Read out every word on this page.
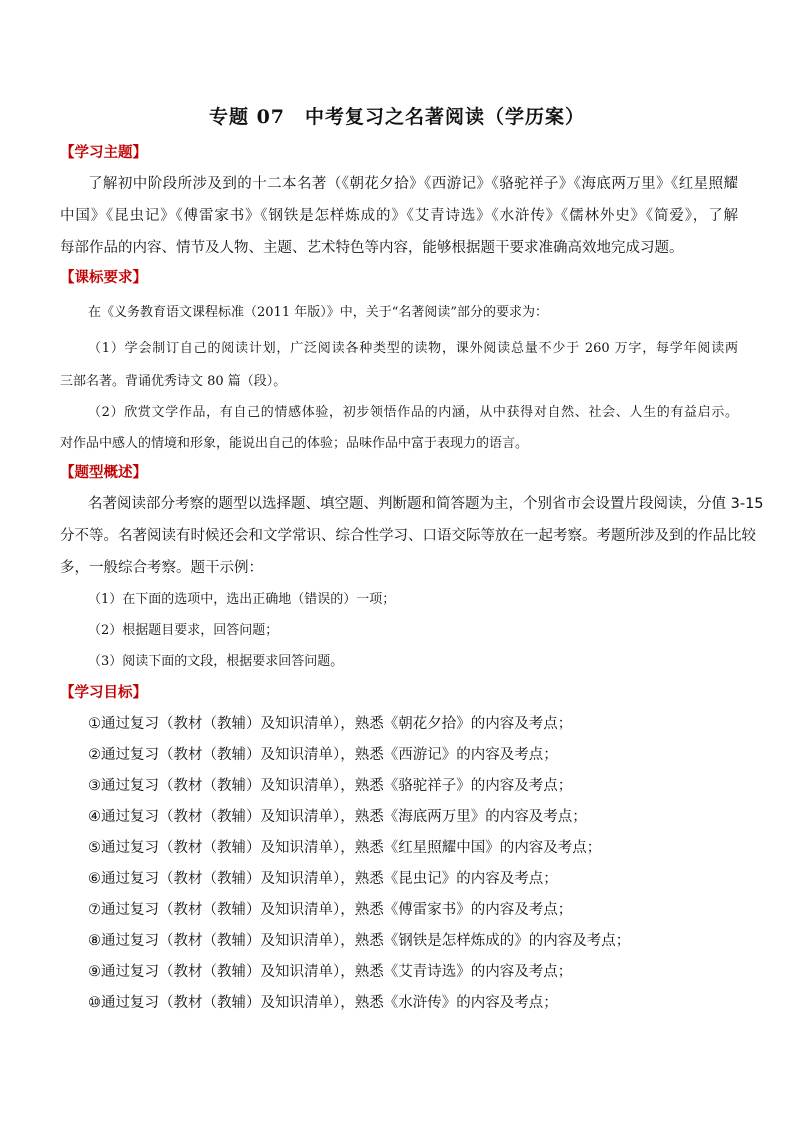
专题 07　中考复习之名著阅读（学历案）
【学习主题】
了解初中阶段所涉及到的十二本名著（《朝花夕拾》《西游记》《骆驼祥子》《海底两万里》《红星照耀
中国》《昆虫记》《傅雷家书》《钢铁是怎样炼成的》《艾青诗选》《水浒传》《儒林外史》《简爱》，了解
每部作品的内容、情节及人物、主题、艺术特色等内容，能够根据题干要求准确高效地完成习题。
【课标要求】
在《义务教育语文课程标准（2011 年版）》中，关于“名著阅读”部分的要求为：
（1）学会制订自己的阅读计划，广泛阅读各种类型的读物，课外阅读总量不少于 260 万字，每学年阅读两
三部名著。背诵优秀诗文 80 篇（段）。
（2）欣赏文学作品，有自己的情感体验，初步领悟作品的内涵，从中获得对自然、社会、人生的有益启示。
对作品中感人的情境和形象，能说出自己的体验；品味作品中富于表现力的语言。
【题型概述】
名著阅读部分考察的题型以选择题、填空题、判断题和简答题为主，个别省市会设置片段阅读，分值 3-15
分不等。名著阅读有时候还会和文学常识、综合性学习、口语交际等放在一起考察。考题所涉及到的作品比较
多，一般综合考察。题干示例：
（1）在下面的选项中，选出正确地（错误的）一项；
（2）根据题目要求，回答问题；
（3）阅读下面的文段，根据要求回答问题。
【学习目标】
①通过复习（教材（教辅）及知识清单），熟悉《朝花夕拾》的内容及考点；
②通过复习（教材（教辅）及知识清单），熟悉《西游记》的内容及考点；
③通过复习（教材（教辅）及知识清单），熟悉《骆驼祥子》的内容及考点；
④通过复习（教材（教辅）及知识清单），熟悉《海底两万里》的内容及考点；
⑤通过复习（教材（教辅）及知识清单），熟悉《红星照耀中国》的内容及考点；
⑥通过复习（教材（教辅）及知识清单），熟悉《昆虫记》的内容及考点；
⑦通过复习（教材（教辅）及知识清单），熟悉《傅雷家书》的内容及考点；
⑧通过复习（教材（教辅）及知识清单），熟悉《钢铁是怎样炼成的》的内容及考点；
⑨通过复习（教材（教辅）及知识清单），熟悉《艾青诗选》的内容及考点；
⑩通过复习（教材（教辅）及知识清单），熟悉《水浒传》的内容及考点；
